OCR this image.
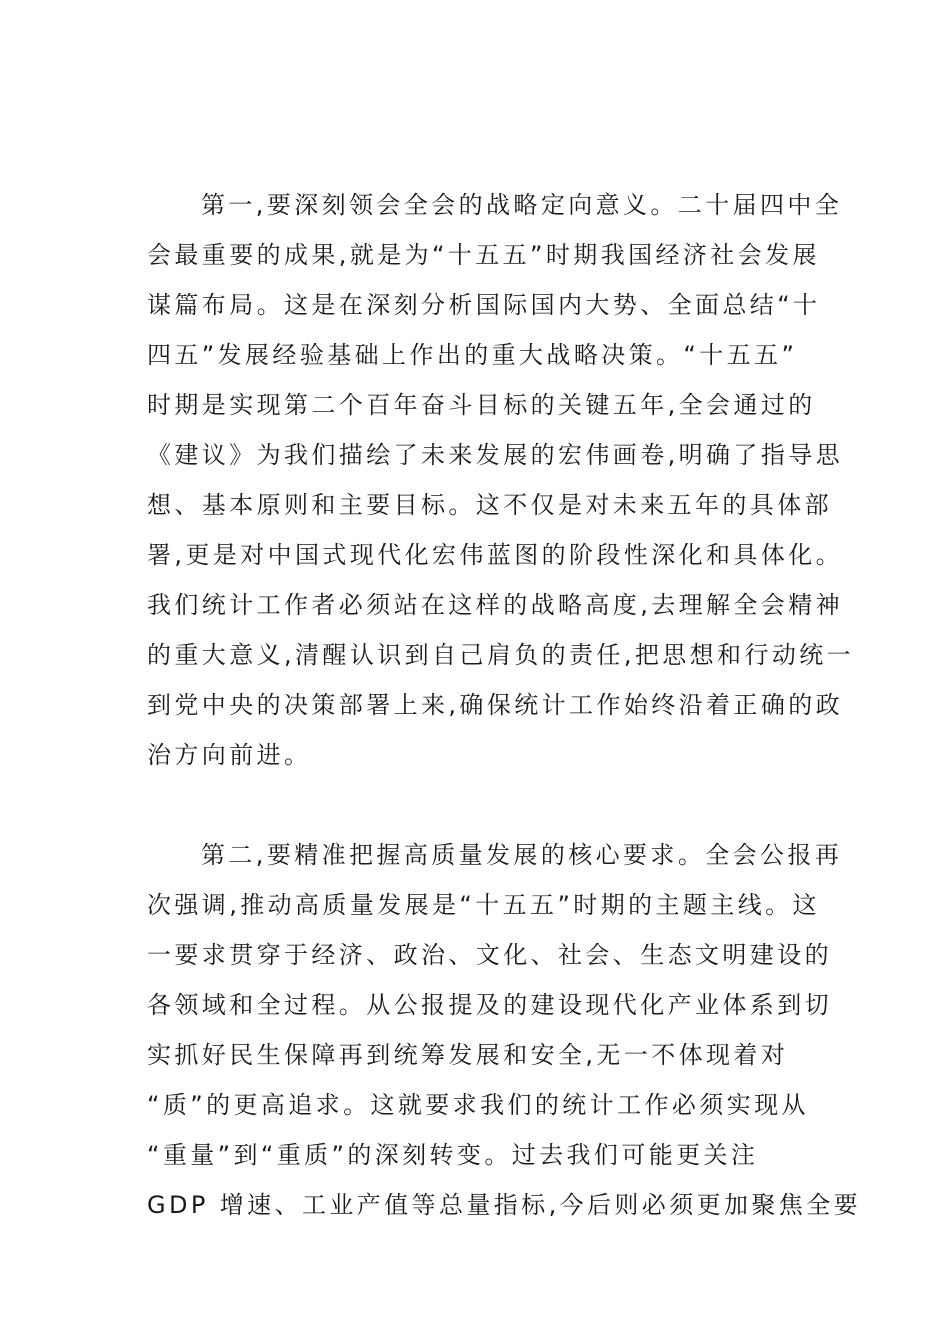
第一,要深刻领会全会的战略定向意义。二十届四中全
会最重要的成果,就是为“十五五”时期我国经济社会发展
谋篇布局。这是在深刻分析国际国内大势、全面总结“十
四五”发展经验基础上作出的重大战略决策。“十五五”
时期是实现第二个百年奋斗目标的关键五年,全会通过的
《建议》为我们描绘了未来发展的宏伟画卷,明确了指导思
想、基本原则和主要目标。这不仅是对未来五年的具体部
署,更是对中国式现代化宏伟蓝图的阶段性深化和具体化。
我们统计工作者必须站在这样的战略高度,去理解全会精神
的重大意义,清醒认识到自己肩负的责任,把思想和行动统一
到党中央的决策部署上来,确保统计工作始终沿着正确的政
治方向前进。
第二,要精准把握高质量发展的核心要求。全会公报再
次强调,推动高质量发展是“十五五”时期的主题主线。这
一要求贯穿于经济、政治、文化、社会、生态文明建设的
各领域和全过程。从公报提及的建设现代化产业体系到切
实抓好民生保障再到统筹发展和安全,无一不体现着对
“质”的更高追求。这就要求我们的统计工作必须实现从
“重量”到“重质”的深刻转变。过去我们可能更关注
GDP 增速、工业产值等总量指标,今后则必须更加聚焦全要
